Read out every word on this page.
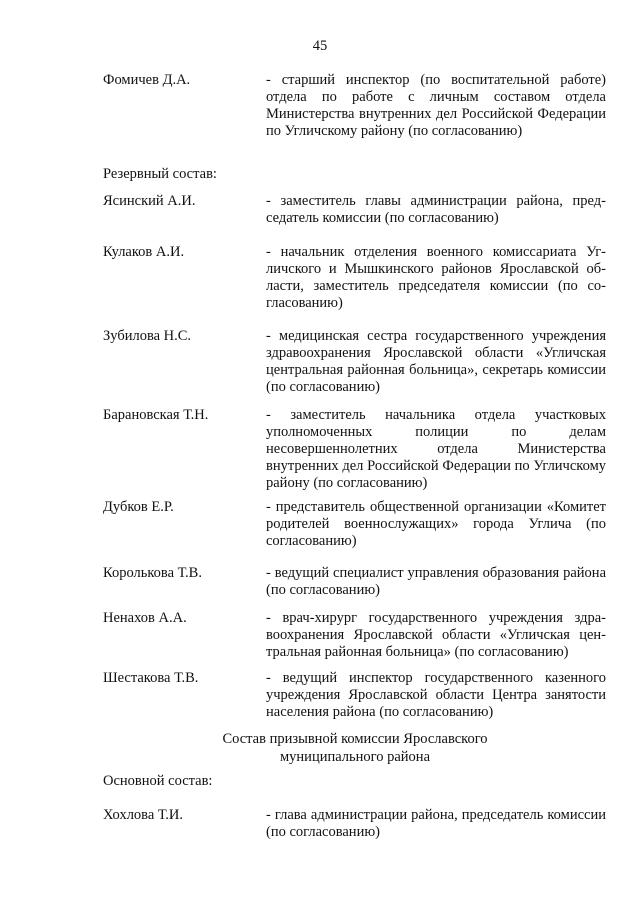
45
Фомичев Д.А.	- старший инспектор (по воспитательной работе) отдела по работе с личным составом отдела Министерства внутренних дел Российской Федерации по Угличскому району (по согласованию)
Резервный состав:
Ясинский А.И.	- заместитель главы администрации района, председатель комиссии (по согласованию)
Кулаков А.И.	- начальник отделения военного комиссариата Угличского и Мышкинского районов Ярославской области, заместитель председателя комиссии (по согласованию)
Зубилова Н.С.	- медицинская сестра государственного учреждения здравоохранения Ярославской области «Угличская центральная районная больница», секретарь комиссии (по согласованию)
Барановская Т.Н.	- заместитель начальника отдела участковых уполномоченных полиции по делам несовершеннолетних отдела Министерства внутренних дел Российской Федерации по Угличскому району (по согласованию)
Дубков Е.Р.	- представитель общественной организации «Комитет родителей военнослужащих» города Углича (по согласованию)
Королькова Т.В.	- ведущий специалист управления образования района (по согласованию)
Ненахов А.А.	- врач-хирург государственного учреждения здравоохранения Ярославской области «Угличская центральная районная больница» (по согласованию)
Шестакова Т.В.	- ведущий инспектор государственного казенного учреждения Ярославской области Центра занятости населения района (по согласованию)
Состав призывной комиссии Ярославского
муниципального района
Основной состав:
Хохлова Т.И.	- глава администрации района, председатель комиссии (по согласованию)
